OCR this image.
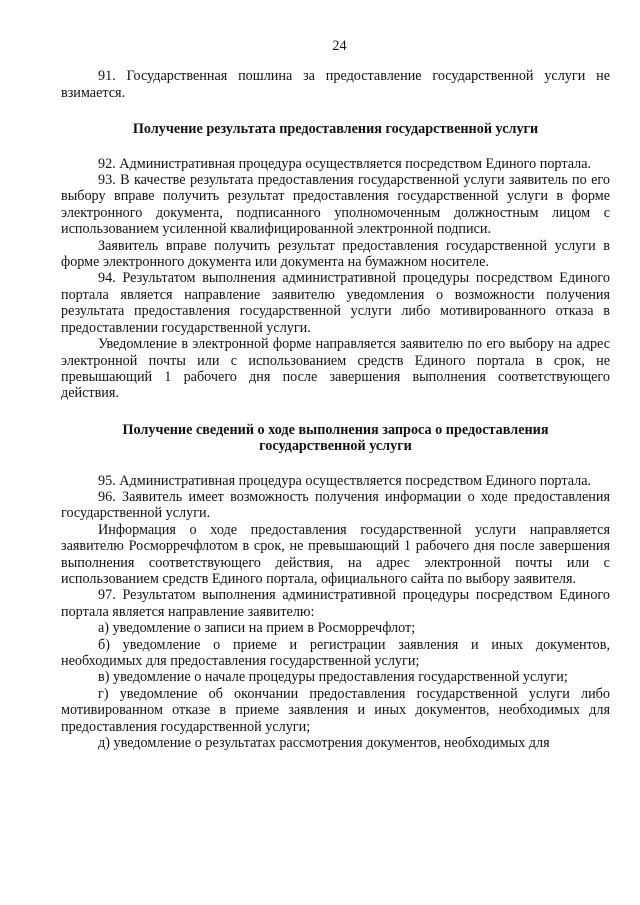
24

91. Государственная пошлина за предоставление государственной услуги не взимается.

Получение результата предоставления государственной услуги

92. Административная процедура осуществляется посредством Единого портала.

93. В качестве результата предоставления государственной услуги заявитель по его выбору вправе получить результат предоставления государственной услуги в форме электронного документа, подписанного уполномоченным должностным лицом с использованием усиленной квалифицированной электронной подписи.

Заявитель вправе получить результат предоставления государственной услуги в форме электронного документа или документа на бумажном носителе.

94. Результатом выполнения административной процедуры посредством Единого портала является направление заявителю уведомления о возможности получения результата предоставления государственной услуги либо мотивированного отказа в предоставлении государственной услуги.

Уведомление в электронной форме направляется заявителю по его выбору на адрес электронной почты или с использованием средств Единого портала в срок, не превышающий 1 рабочего дня после завершения выполнения соответствующего действия.

Получение сведений о ходе выполнения запроса о предоставления
государственной услуги

95. Административная процедура осуществляется посредством Единого портала.

96. Заявитель имеет возможность получения информации о ходе предоставления государственной услуги.

Информация о ходе предоставления государственной услуги направляется заявителю Росморречфлотом в срок, не превышающий 1 рабочего дня после завершения выполнения соответствующего действия, на адрес электронной почты или с использованием средств Единого портала, официального сайта по выбору заявителя.

97. Результатом выполнения административной процедуры посредством Единого портала является направление заявителю:

а) уведомление о записи на прием в Росморречфлот;

б) уведомление о приеме и регистрации заявления и иных документов, необходимых для предоставления государственной услуги;

в) уведомление о начале процедуры предоставления государственной услуги;

г) уведомление об окончании предоставления государственной услуги либо мотивированном отказе в приеме заявления и иных документов, необходимых для предоставления государственной услуги;

д) уведомление о результатах рассмотрения документов, необходимых для
